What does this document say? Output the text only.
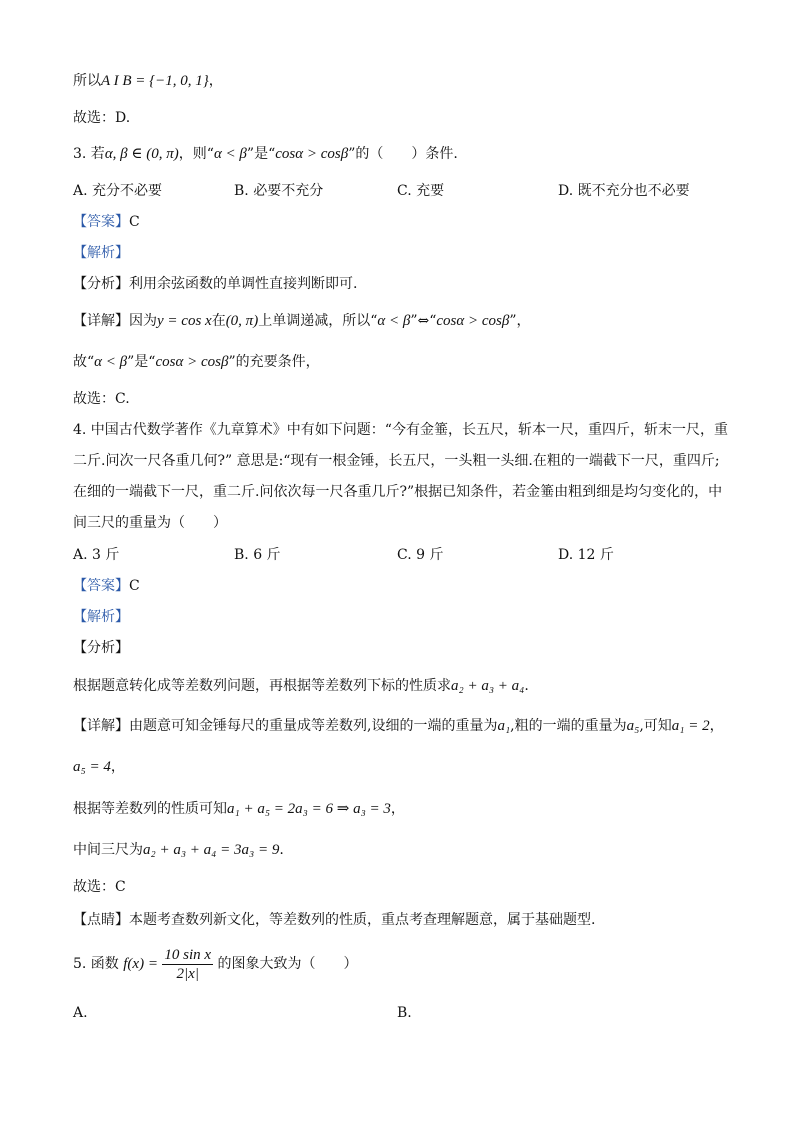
所以A I B = {−1, 0, 1}，
故选：D.
3. 若α, β ∈ (0, π)，则“α < β”是“cosα > cosβ”的（　　）条件.
A. 充分不必要	B. 必要不充分	C. 充要	D. 既不充分也不必要
【答案】C
【解析】
【分析】利用余弦函数的单调性直接判断即可.
【详解】因为y = cos x在(0, π)上单调递减，所以“α < β”⇔“cosα > cosβ”，
故“α < β”是“cosα > cosβ”的充要条件，
故选：C.
4. 中国古代数学著作《九章算术》中有如下问题：“今有金箠，长五尺，斩本一尺，重四斤，斩末一尺，重
二斤.问次一尺各重几何?” 意思是:“现有一根金锤，长五尺，一头粗一头细.在粗的一端截下一尺，重四斤;
在细的一端截下一尺，重二斤.问依次每一尺各重几斤?”根据已知条件，若金箠由粗到细是均匀变化的，中
间三尺的重量为（　　）
A. 3 斤	B. 6 斤	C. 9 斤	D. 12 斤
【答案】C
【解析】
【分析】
根据题意转化成等差数列问题，再根据等差数列下标的性质求a₂ + a₃ + a₄.
【详解】由题意可知金锤每尺的重量成等差数列,设细的一端的重量为a₁,粗的一端的重量为a₅,可知a₁ = 2，
a₅ = 4，
根据等差数列的性质可知a₁ + a₅ = 2a₃ = 6 ⇒ a₃ = 3，
中间三尺为a₂ + a₃ + a₄ = 3a₃ = 9.
故选：C
【点睛】本题考查数列新文化，等差数列的性质，重点考查理解题意，属于基础题型.
5. 函数 $f(x) = \frac{\text{10 sin x}}{2|x|}$ 的图象大致为（　　）
A.	B.
